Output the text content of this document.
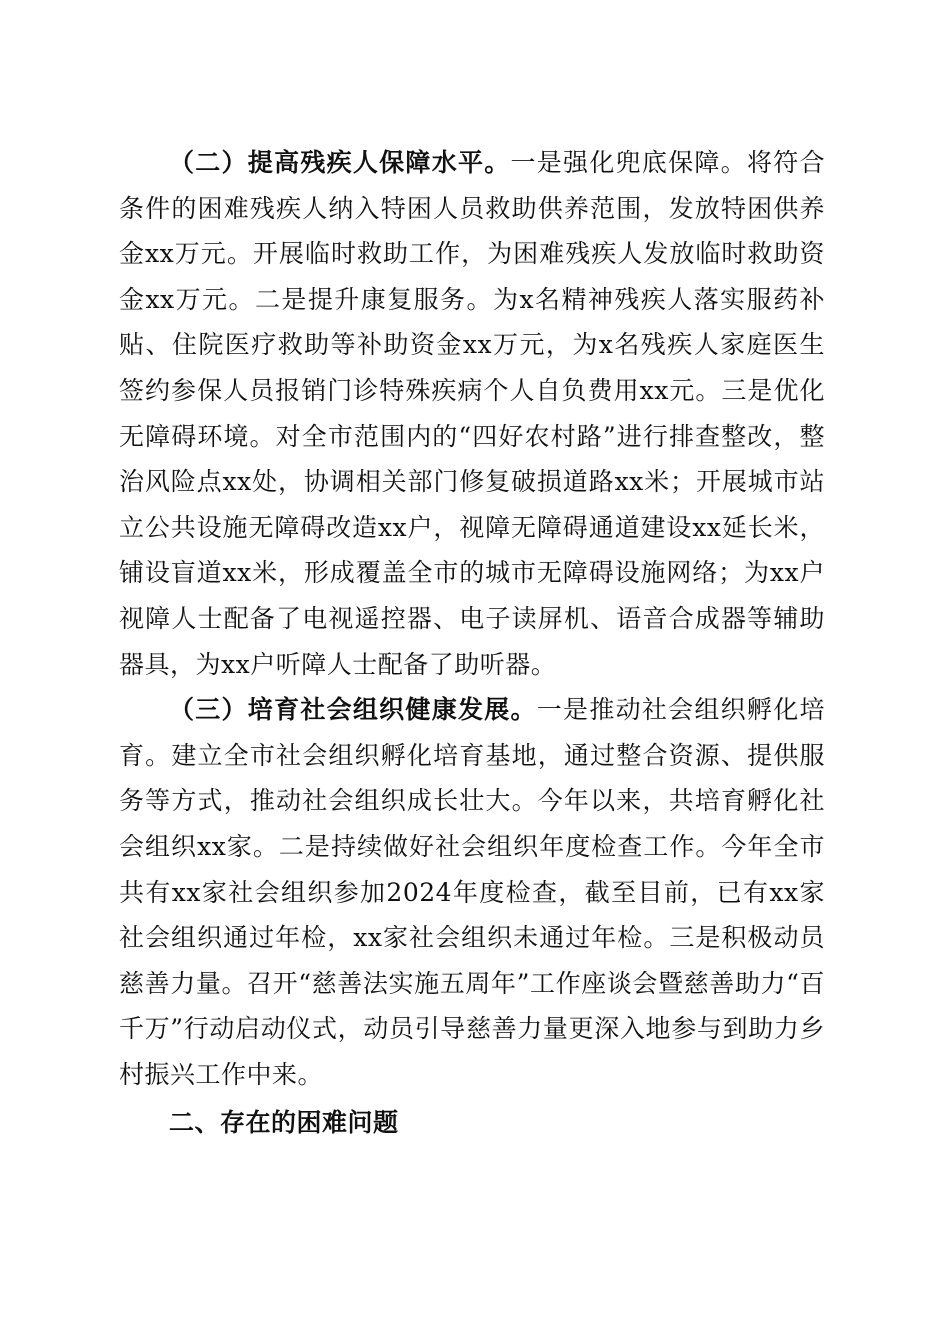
（二）提高残疾人保障水平。一是强化兜底保障。将符合条件的困难残疾人纳入特困人员救助供养范围，发放特困供养金xx万元。开展临时救助工作，为困难残疾人发放临时救助资金xx万元。二是提升康复服务。为x名精神残疾人落实服药补贴、住院医疗救助等补助资金xx万元，为x名残疾人家庭医生签约参保人员报销门诊特殊疾病个人自负费用xx元。三是优化无障碍环境。对全市范围内的“四好农村路”进行排查整改，整治风险点xx处，协调相关部门修复破损道路xx米；开展城市站立公共设施无障碍改造xx户，视障无障碍通道建设xx延长米，铺设盲道xx米，形成覆盖全市的城市无障碍设施网络；为xx户视障人士配备了电视遥控器、电子读屏机、语音合成器等辅助器具，为xx户听障人士配备了助听器。

（三）培育社会组织健康发展。一是推动社会组织孵化培育。建立全市社会组织孵化培育基地，通过整合资源、提供服务等方式，推动社会组织成长壮大。今年以来，共培育孵化社会组织xx家。二是持续做好社会组织年度检查工作。今年全市共有xx家社会组织参加2024年度检查，截至目前，已有xx家社会组织通过年检，xx家社会组织未通过年检。三是积极动员慈善力量。召开“慈善法实施五周年”工作座谈会暨慈善助力“百千万”行动启动仪式，动员引导慈善力量更深入地参与到助力乡村振兴工作中来。

二、存在的困难问题
